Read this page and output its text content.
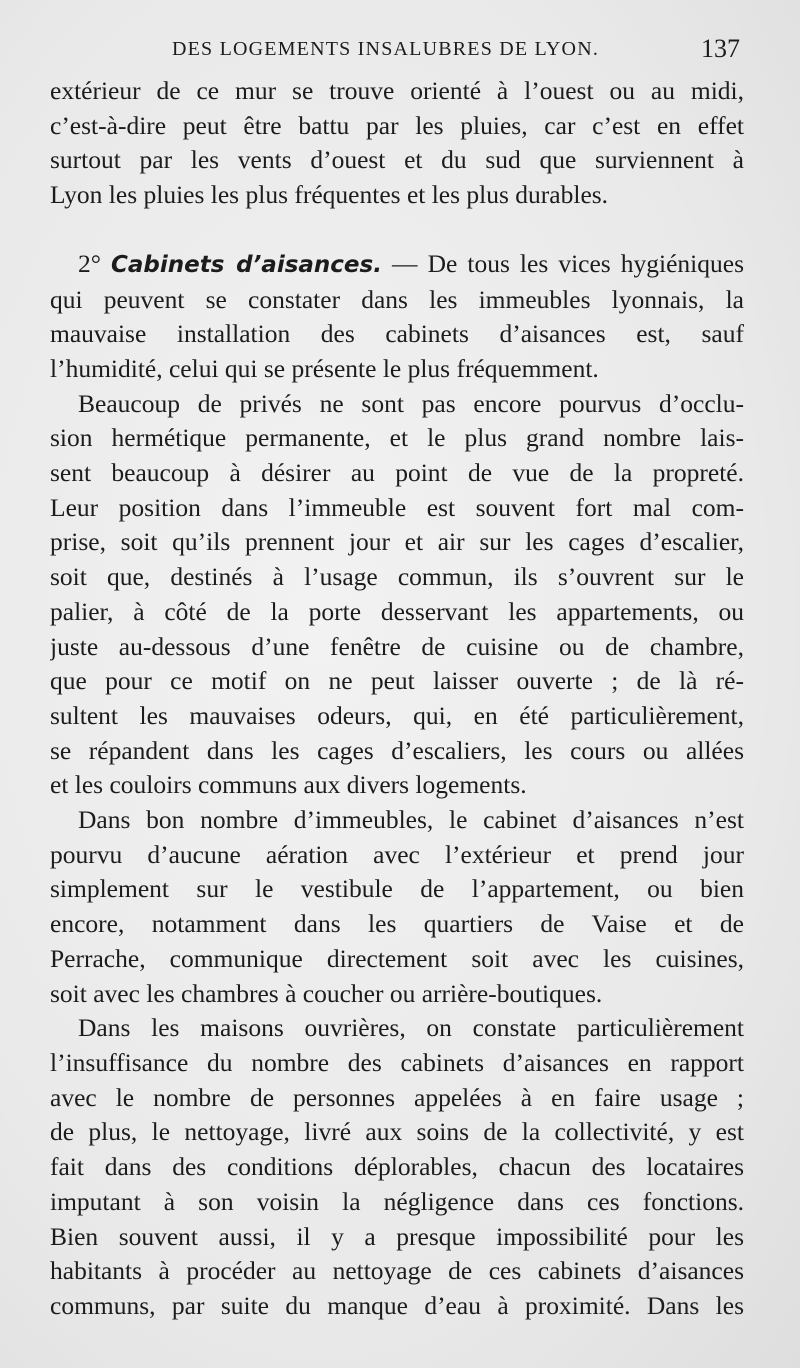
DES LOGEMENTS INSALUBRES DE LYON.	137
extérieur de ce mur se trouve orienté à l’ouest ou au midi,
c’est-à-dire peut être battu par les pluies, car c’est en effet
surtout par les vents d’ouest et du sud que surviennent à
Lyon les pluies les plus fréquentes et les plus durables.
2° Cabinets d’aisances. — De tous les vices hygiéniques
qui peuvent se constater dans les immeubles lyonnais, la
mauvaise installation des cabinets d’aisances est, sauf
l’humidité, celui qui se présente le plus fréquemment.
Beaucoup de privés ne sont pas encore pourvus d’occlu-
sion hermétique permanente, et le plus grand nombre lais-
sent beaucoup à désirer au point de vue de la propreté.
Leur position dans l’immeuble est souvent fort mal com-
prise, soit qu’ils prennent jour et air sur les cages d’escalier,
soit que, destinés à l’usage commun, ils s’ouvrent sur le
palier, à côté de la porte desservant les appartements, ou
juste au-dessous d’une fenêtre de cuisine ou de chambre,
que pour ce motif on ne peut laisser ouverte ; de là ré-
sultent les mauvaises odeurs, qui, en été particulièrement,
se répandent dans les cages d’escaliers, les cours ou allées
et les couloirs communs aux divers logements.
Dans bon nombre d’immeubles, le cabinet d’aisances n’est
pourvu d’aucune aération avec l’extérieur et prend jour
simplement sur le vestibule de l’appartement, ou bien
encore, notamment dans les quartiers de Vaise et de
Perrache, communique directement soit avec les cuisines,
soit avec les chambres à coucher ou arrière-boutiques.
Dans les maisons ouvrières, on constate particulièrement
l’insuffisance du nombre des cabinets d’aisances en rapport
avec le nombre de personnes appelées à en faire usage ;
de plus, le nettoyage, livré aux soins de la collectivité, y est
fait dans des conditions déplorables, chacun des locataires
imputant à son voisin la négligence dans ces fonctions.
Bien souvent aussi, il y a presque impossibilité pour les
habitants à procéder au nettoyage de ces cabinets d’aisances
communs, par suite du manque d’eau à proximité. Dans les
